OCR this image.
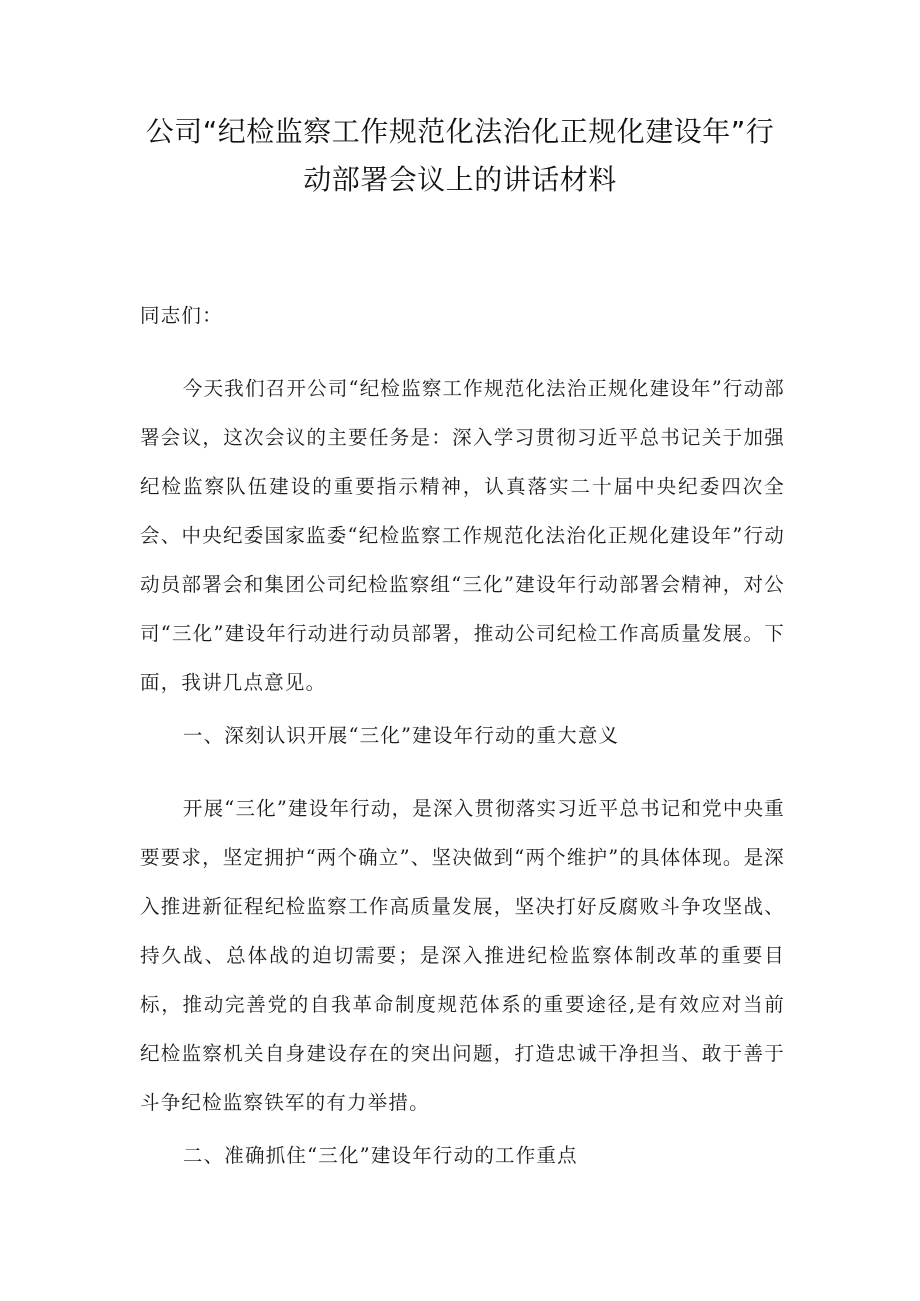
公司“纪检监察工作规范化法治化正规化建设年”行
动部署会议上的讲话材料

同志们：

今天我们召开公司“纪检监察工作规范化法治正规化建设年”行动部署会议，这次会议的主要任务是：深入学习贯彻习近平总书记关于加强纪检监察队伍建设的重要指示精神，认真落实二十届中央纪委四次全会、中央纪委国家监委“纪检监察工作规范化法治化正规化建设年”行动动员部署会和集团公司纪检监察组“三化”建设年行动部署会精神，对公司“三化”建设年行动进行动员部署，推动公司纪检工作高质量发展。下面，我讲几点意见。

一、深刻认识开展“三化”建设年行动的重大意义

开展“三化”建设年行动，是深入贯彻落实习近平总书记和党中央重要要求，坚定拥护“两个确立”、坚决做到“两个维护”的具体体现。是深入推进新征程纪检监察工作高质量发展，坚决打好反腐败斗争攻坚战、持久战、总体战的迫切需要；是深入推进纪检监察体制改革的重要目标，推动完善党的自我革命制度规范体系的重要途径,是有效应对当前纪检监察机关自身建设存在的突出问题，打造忠诚干净担当、敢于善于斗争纪检监察铁军的有力举措。

二、准确抓住“三化”建设年行动的工作重点
